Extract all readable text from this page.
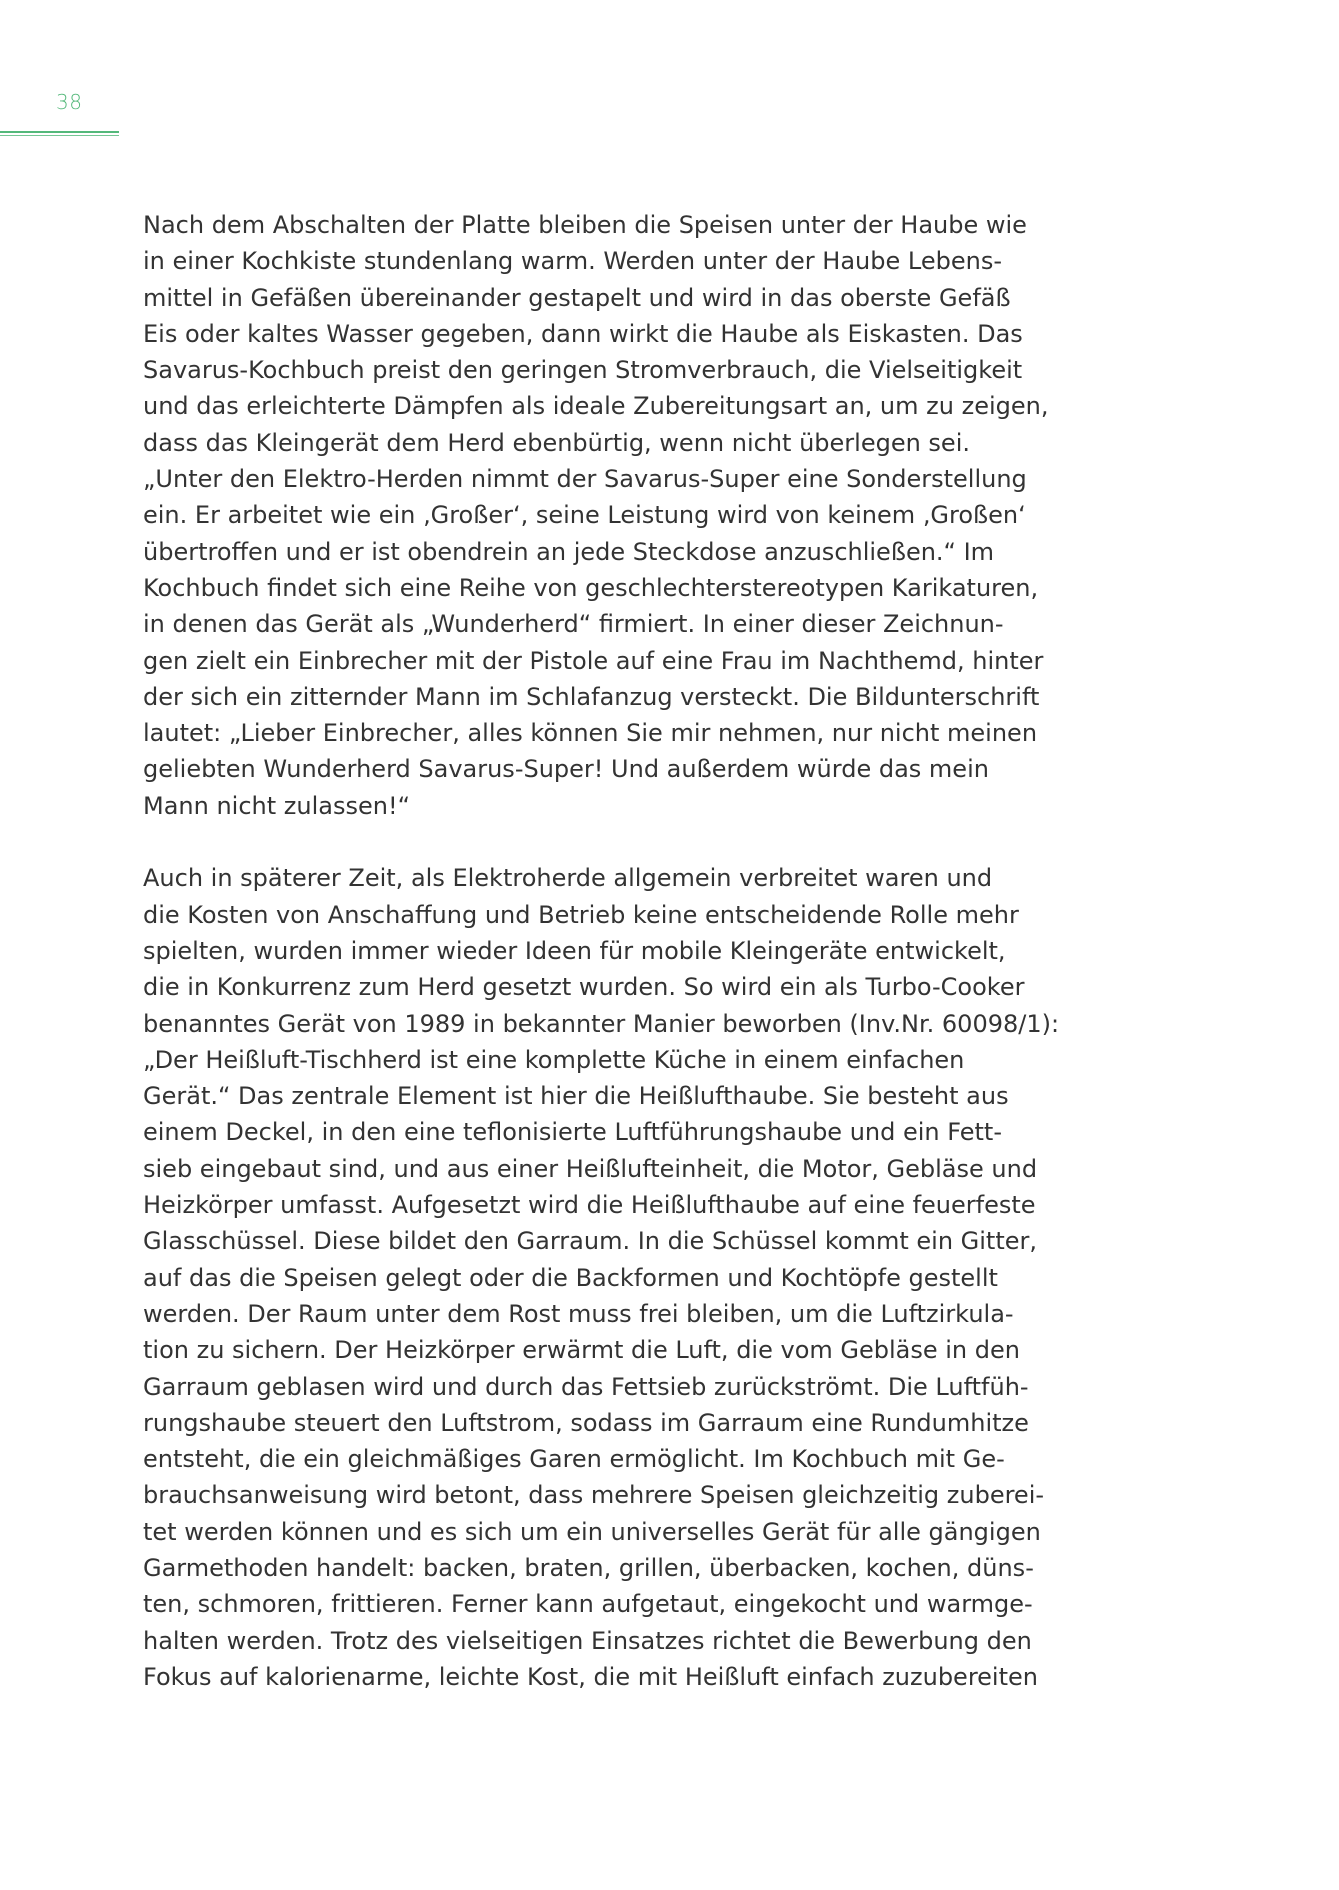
38

Nach dem Abschalten der Platte bleiben die Speisen unter der Haube wie
in einer Kochkiste stundenlang warm. Werden unter der Haube Lebens-
mittel in Gefäßen übereinander gestapelt und wird in das oberste Gefäß
Eis oder kaltes Wasser gegeben, dann wirkt die Haube als Eiskasten. Das
Savarus-Kochbuch preist den geringen Stromverbrauch, die Vielseitigkeit
und das erleichterte Dämpfen als ideale Zubereitungsart an, um zu zeigen,
dass das Kleingerät dem Herd ebenbürtig, wenn nicht überlegen sei.
„Unter den Elektro-Herden nimmt der Savarus-Super eine Sonderstellung
ein. Er arbeitet wie ein ‚Großer‘, seine Leistung wird von keinem ‚Großen‘
übertroffen und er ist obendrein an jede Steckdose anzuschließen.“ Im
Kochbuch findet sich eine Reihe von geschlechterstereotypen Karikaturen,
in denen das Gerät als „Wunderherd“ firmiert. In einer dieser Zeichnun-
gen zielt ein Einbrecher mit der Pistole auf eine Frau im Nachthemd, hinter
der sich ein zitternder Mann im Schlafanzug versteckt. Die Bildunterschrift
lautet: „Lieber Einbrecher, alles können Sie mir nehmen, nur nicht meinen
geliebten Wunderherd Savarus-Super! Und außerdem würde das mein
Mann nicht zulassen!“

Auch in späterer Zeit, als Elektroherde allgemein verbreitet waren und
die Kosten von Anschaffung und Betrieb keine entscheidende Rolle mehr
spielten, wurden immer wieder Ideen für mobile Kleingeräte entwickelt,
die in Konkurrenz zum Herd gesetzt wurden. So wird ein als Turbo-Cooker
benanntes Gerät von 1989 in bekannter Manier beworben (Inv.Nr. 60098/1):
„Der Heißluft-Tischherd ist eine komplette Küche in einem einfachen
Gerät.“ Das zentrale Element ist hier die Heißlufthaube. Sie besteht aus
einem Deckel, in den eine teflonisierte Luftführungshaube und ein Fett-
sieb eingebaut sind, und aus einer Heißlufteinheit, die Motor, Gebläse und
Heizkörper umfasst. Aufgesetzt wird die Heißlufthaube auf eine feuerfeste
Glasschüssel. Diese bildet den Garraum. In die Schüssel kommt ein Gitter,
auf das die Speisen gelegt oder die Backformen und Kochtöpfe gestellt
werden. Der Raum unter dem Rost muss frei bleiben, um die Luftzirkula-
tion zu sichern. Der Heizkörper erwärmt die Luft, die vom Gebläse in den
Garraum geblasen wird und durch das Fettsieb zurückströmt. Die Luftfüh-
rungshaube steuert den Luftstrom, sodass im Garraum eine Rundumhitze
entsteht, die ein gleichmäßiges Garen ermöglicht. Im Kochbuch mit Ge-
brauchsanweisung wird betont, dass mehrere Speisen gleichzeitig zuberei-
tet werden können und es sich um ein universelles Gerät für alle gängigen
Garmethoden handelt: backen, braten, grillen, überbacken, kochen, düns-
ten, schmoren, frittieren. Ferner kann aufgetaut, eingekocht und warmge-
halten werden. Trotz des vielseitigen Einsatzes richtet die Bewerbung den
Fokus auf kalorienarme, leichte Kost, die mit Heißluft einfach zuzubereiten
